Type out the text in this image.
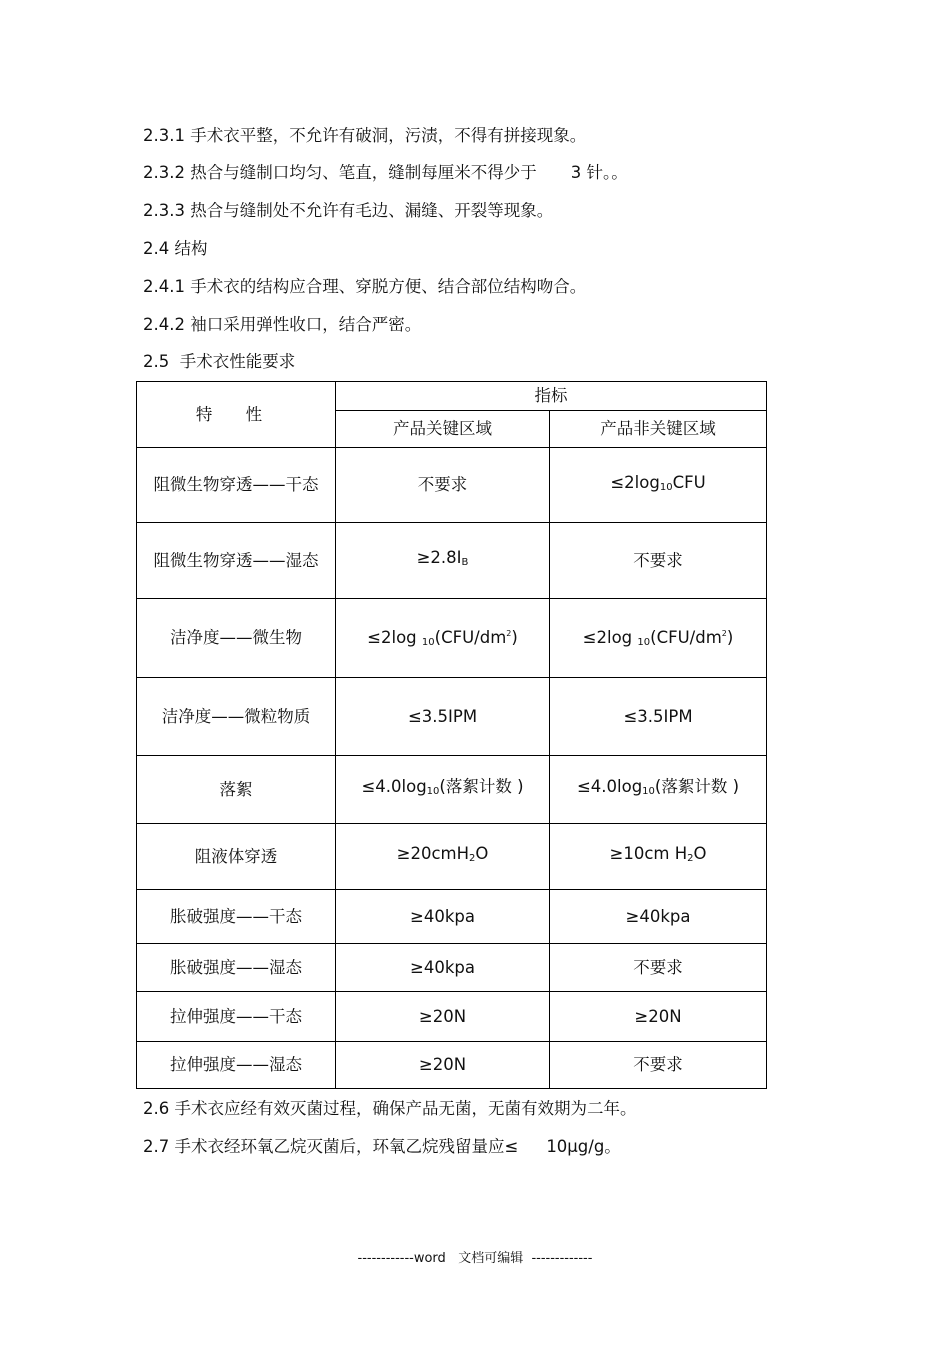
2.3.1 手术衣平整，不允许有破洞，污渍，不得有拼接现象。
2.3.2 热合与缝制口均匀、笔直，缝制每厘米不得少于 3 针。。
2.3.3 热合与缝制处不允许有毛边、漏缝、开裂等现象。
2.4 结构
2.4.1 手术衣的结构应合理、穿脱方便、结合部位结构吻合。
2.4.2 袖口采用弹性收口，结合严密。
2.5  手术衣性能要求
特 性	指标	
	产品关键区域	产品非关键区域
阻微生物穿透——干态	不要求	$\le 2\log_{10}CFU$
阻微生物穿透——湿态	$\ge 2.8I_B$	不要求
洁净度——微生物	≤2log $_{10}(CFU/dm^2)$	≤2log $_{10}(CFU/dm^2)$
洁净度——微粒物质	≤3.5IPM	≤3.5IPM
落絮	$\le 4.0\log_{10}$(落絮计数 )	$\le 4.0\log_{10}$(落絮计数 )
阻液体穿透	≥20cmH$_2$O	≥10cm $H_2O$
胀破强度——干态	≥40kpa	≥40kpa
胀破强度——湿态	≥40kpa	不要求
拉伸强度——干态	≥20N	≥20N
拉伸强度——湿态	≥20N	不要求
2.6 手术衣应经有效灭菌过程，确保产品无菌，无菌有效期为二年。
2.7 手术衣经环氧乙烷灭菌后，环氧乙烷残留量应≤ 10μg/g。
------------word   文档可编辑  -------------
